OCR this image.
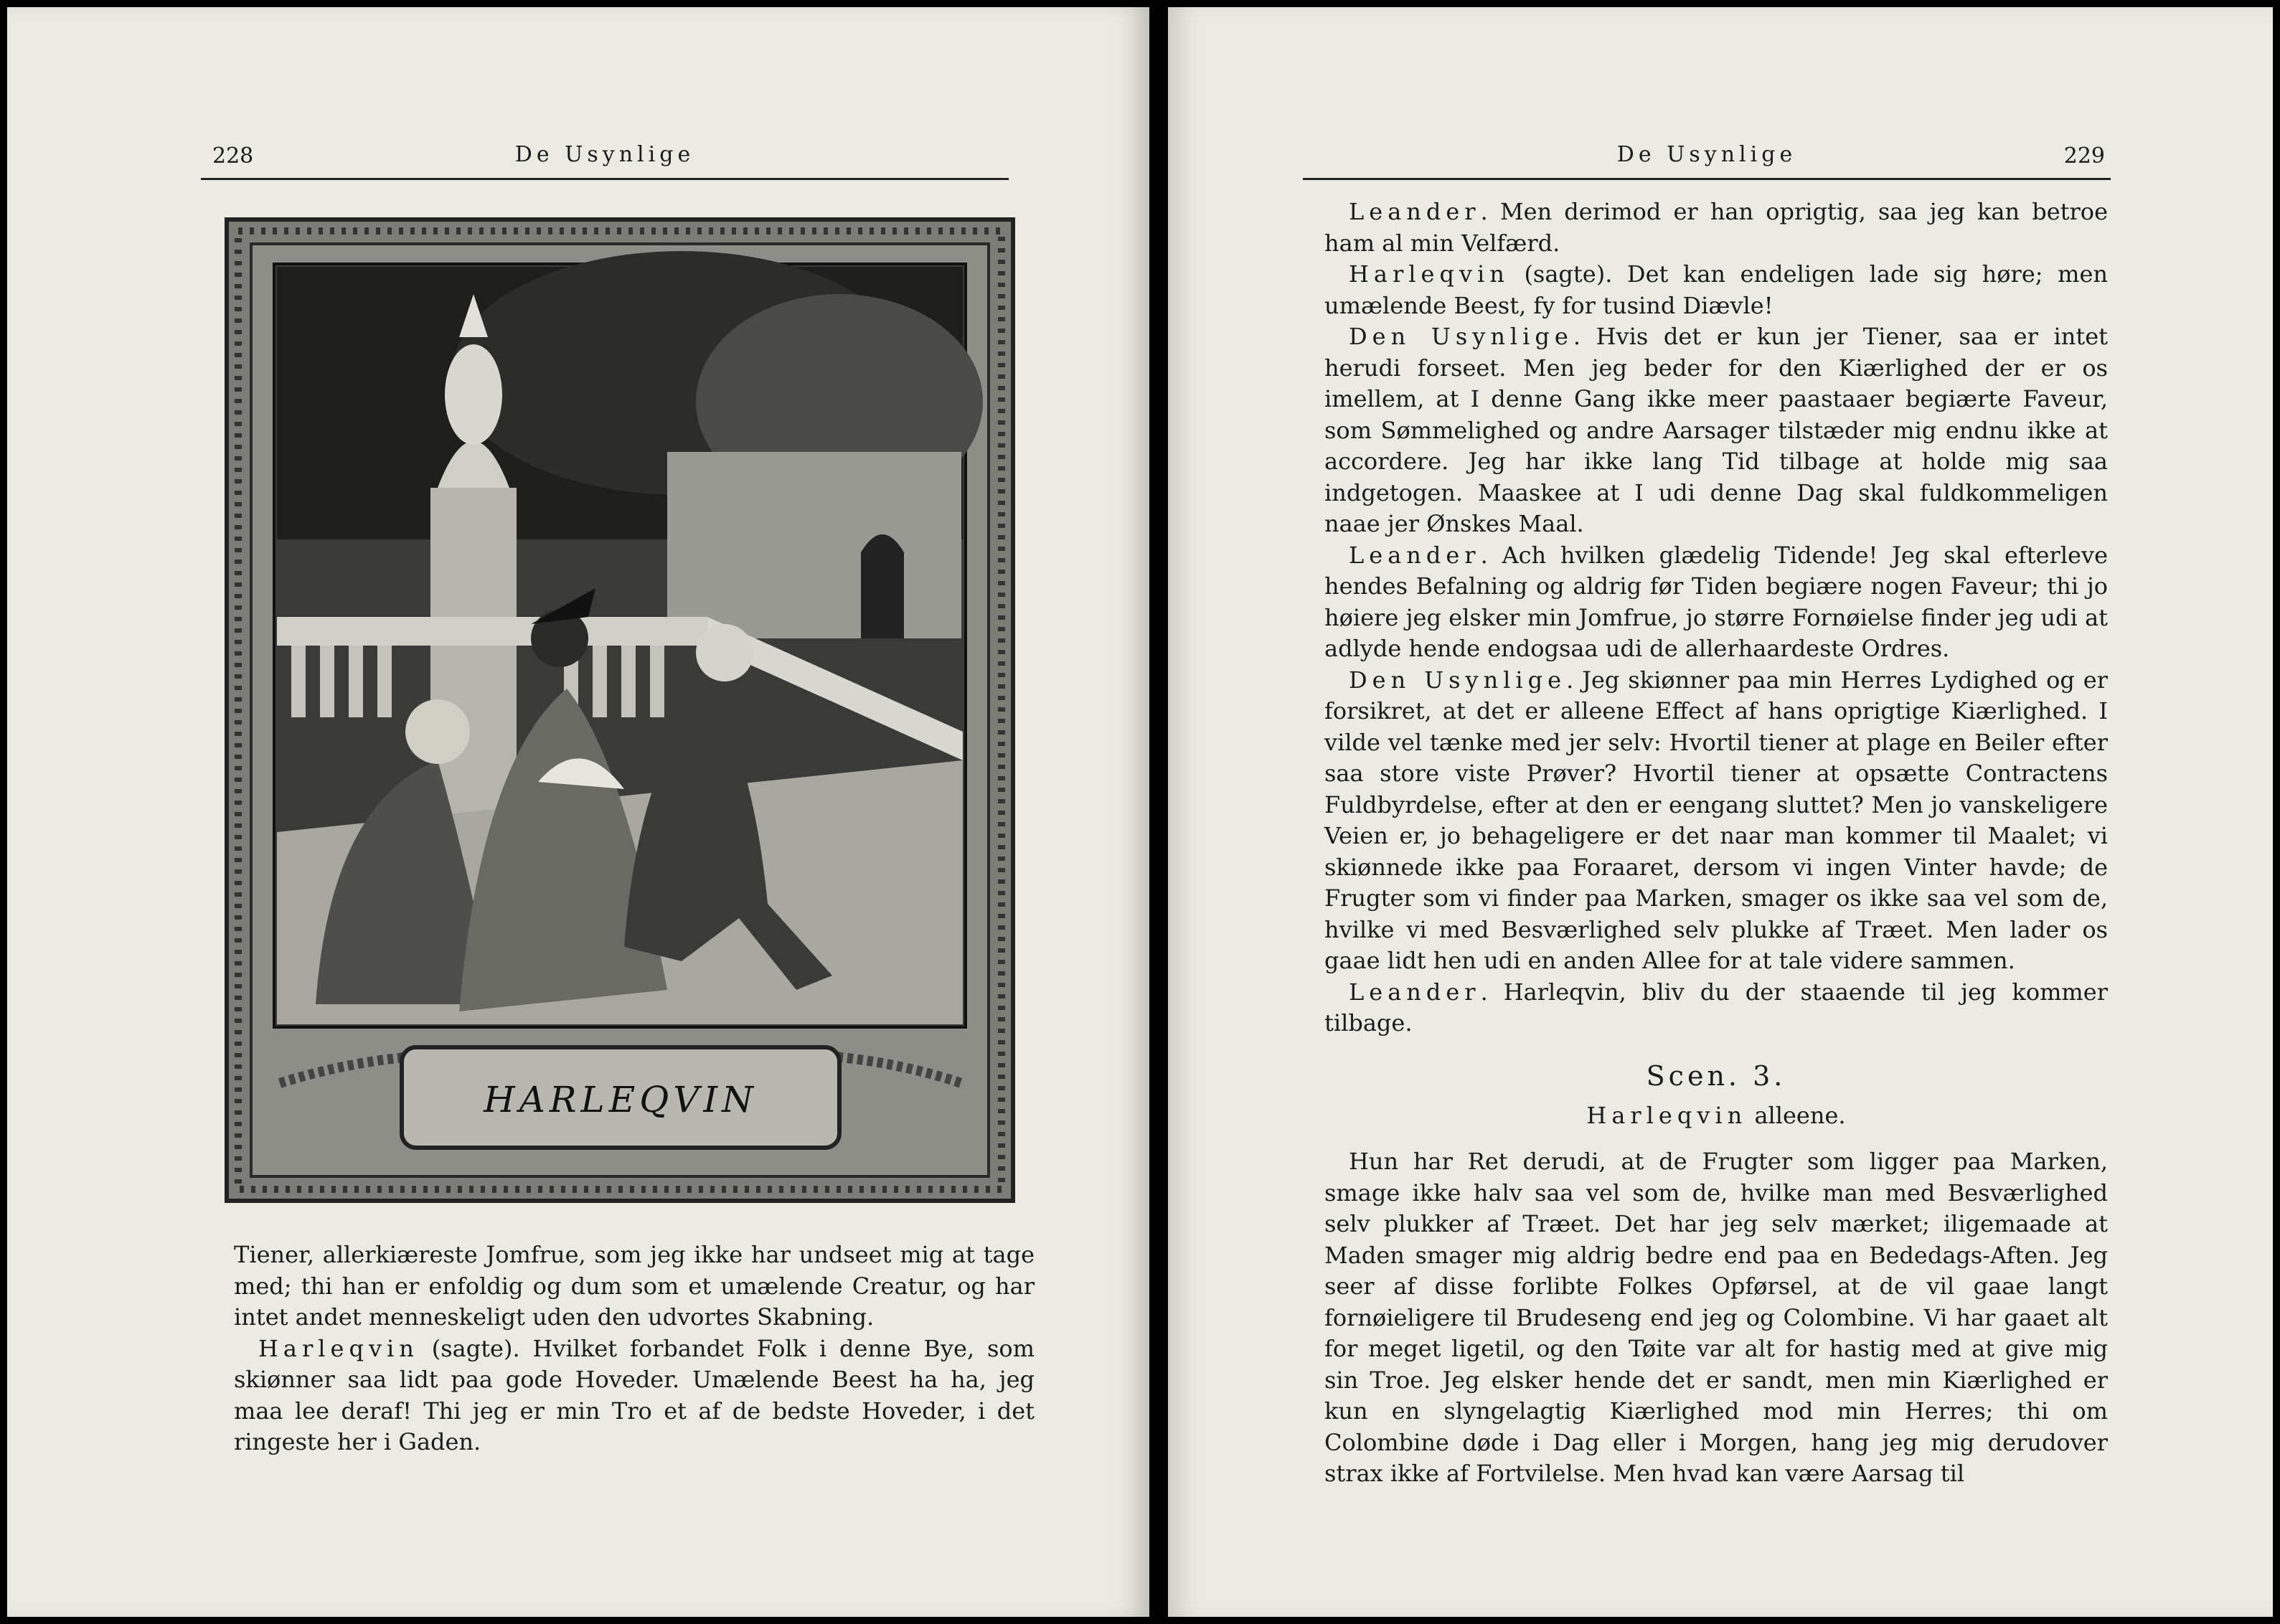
228	De Usynlige
HARLEQVIN

Tiener, allerkiæreste Jomfrue, som jeg ikke har undseet mig at tage med; thi han er enfoldig og dum som et umælende Creatur, og har intet andet menneskeligt uden den udvortes Skabning.

Harleqvin (sagte). Hvilket forbandet Folk i denne Bye, som skiønner saa lidt paa gode Hoveder. Umælende Beest ha ha, jeg maa lee deraf! Thi jeg er min Tro et af de bedste Hoveder, i det ringeste her i Gaden.

De Usynlige	229

Leander. Men derimod er han oprigtig, saa jeg kan betroe ham al min Velfærd.

Harleqvin (sagte). Det kan endeligen lade sig høre; men umælende Beest, fy for tusind Diævle!

Den Usynlige. Hvis det er kun jer Tiener, saa er intet herudi forseet. Men jeg beder for den Kiærlighed der er os imellem, at I denne Gang ikke meer paastaaer begiærte Faveur, som Sømmelighed og andre Aarsager tilstæder mig endnu ikke at accordere. Jeg har ikke lang Tid tilbage at holde mig saa indgetogen. Maaskee at I udi denne Dag skal fuldkommeligen naae jer Ønskes Maal.

Leander. Ach hvilken glædelig Tidende! Jeg skal efterleve hendes Befalning og aldrig før Tiden begiære nogen Faveur; thi jo høiere jeg elsker min Jomfrue, jo større Fornøielse finder jeg udi at adlyde hende endogsaa udi de allerhaardeste Ordres.

Den Usynlige. Jeg skiønner paa min Herres Lydighed og er forsikret, at det er alleene Effect af hans oprigtige Kiærlighed. I vilde vel tænke med jer selv: Hvortil tiener at plage en Beiler efter saa store viste Prøver? Hvortil tiener at opsætte Contractens Fuldbyrdelse, efter at den er eengang sluttet? Men jo vanskeligere Veien er, jo behageligere er det naar man kommer til Maalet; vi skiønnede ikke paa Foraaret, dersom vi ingen Vinter havde; de Frugter som vi finder paa Marken, smager os ikke saa vel som de, hvilke vi med Besværlighed selv plukke af Træet. Men lader os gaae lidt hen udi en anden Allee for at tale videre sammen.

Leander. Harleqvin, bliv du der staaende til jeg kommer tilbage.

Scen. 3.
Harleqvin alleene.

Hun har Ret derudi, at de Frugter som ligger paa Marken, smage ikke halv saa vel som de, hvilke man med Besværlighed selv plukker af Træet. Det har jeg selv mærket; iligemaade at Maden smager mig aldrig bedre end paa en Bededags-Aften. Jeg seer af disse forlibte Folkes Opførsel, at de vil gaae langt fornøieligere til Brudeseng end jeg og Colombine. Vi har gaaet alt for meget ligetil, og den Tøite var alt for hastig med at give mig sin Troe. Jeg elsker hende det er sandt, men min Kiærlighed er kun en slyngelagtig Kiærlighed mod min Herres; thi om Colombine døde i Dag eller i Morgen, hang jeg mig derudover strax ikke af Fortvilelse. Men hvad kan være Aarsag til
